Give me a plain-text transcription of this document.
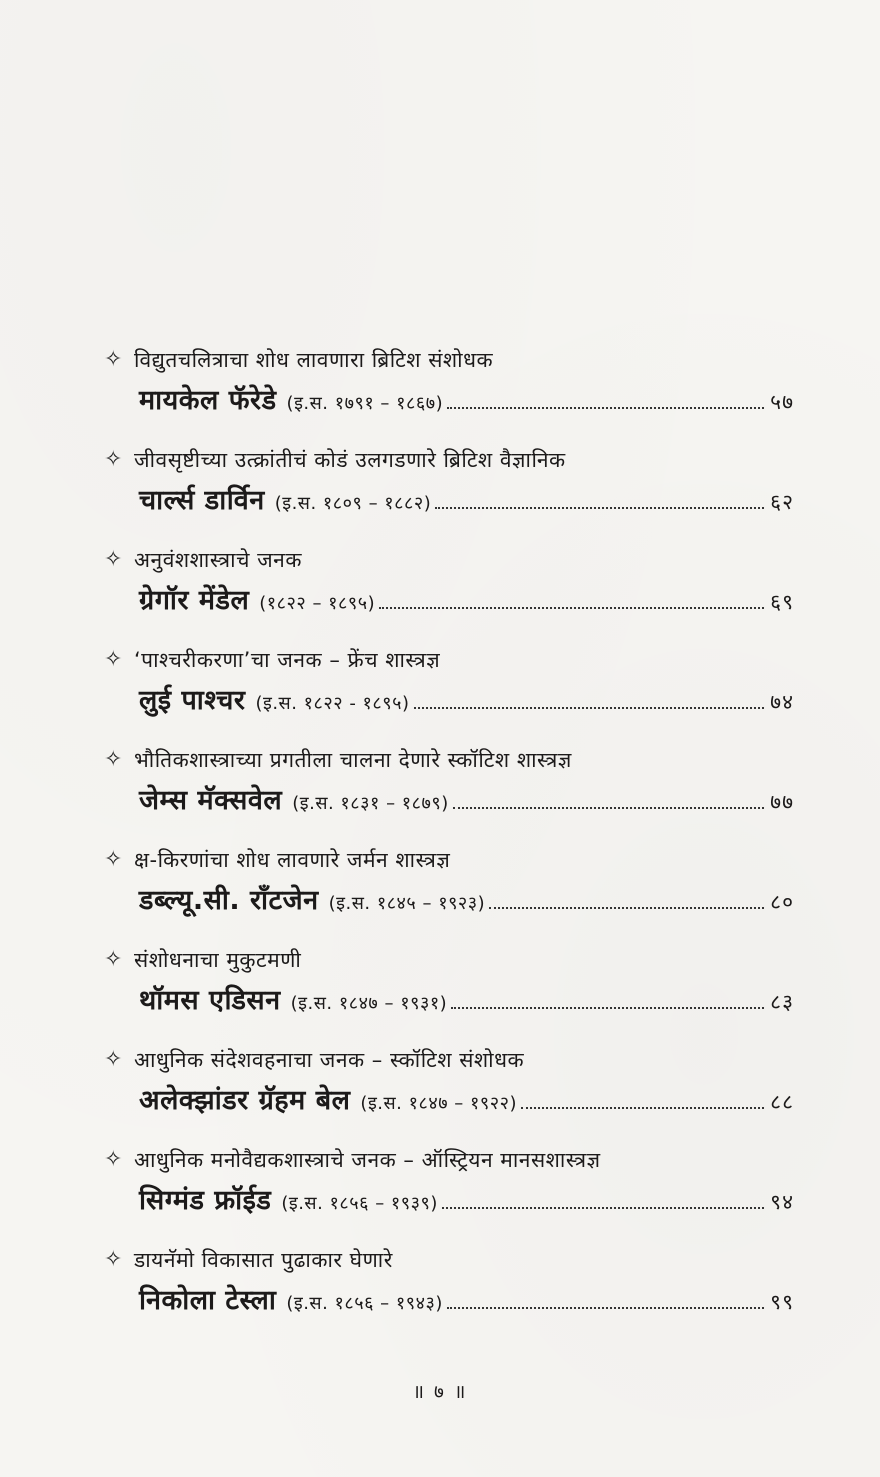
✧ विद्युतचलित्राचा शोध लावणारा ब्रिटिश संशोधक
मायकेल फॅरेडे (इ.स. १७९१ – १८६७)	५७
✧ जीवसृष्टीच्या उत्क्रांतीचं कोडं उलगडणारे ब्रिटिश वैज्ञानिक
चार्ल्स डार्विन (इ.स. १८०९ – १८८२)	६२
✧ अनुवंशशास्त्राचे जनक
ग्रेगॉर मेंडेल (१८२२ – १८९५)	६९
✧ ‘पाश्चरीकरणा’चा जनक – फ्रेंच शास्त्रज्ञ
लुई पाश्चर (इ.स. १८२२ - १८९५)	७४
✧ भौतिकशास्त्राच्या प्रगतीला चालना देणारे स्कॉटिश शास्त्रज्ञ
जेम्स मॅक्सवेल (इ.स. १८३१ – १८७९)	७७
✧ क्ष-किरणांचा शोध लावणारे जर्मन शास्त्रज्ञ
डब्ल्यू.सी. रॉंटजेन (इ.स. १८४५ – १९२३)	८०
✧ संशोधनाचा मुकुटमणी
थॉमस एडिसन (इ.स. १८४७ – १९३१)	८३
✧ आधुनिक संदेशवहनाचा जनक – स्कॉटिश संशोधक
अलेक्झांडर ग्रॅहम बेल (इ.स. १८४७ – १९२२)	८८
✧ आधुनिक मनोवैद्यकशास्त्राचे जनक – ऑस्ट्रियन मानसशास्त्रज्ञ
सिग्मंड फ्रॉईड (इ.स. १८५६ – १९३९)	९४
✧ डायनॅमो विकासात पुढाकार घेणारे
निकोला टेस्ला (इ.स. १८५६ – १९४३)	९९
॥ ७ ॥
